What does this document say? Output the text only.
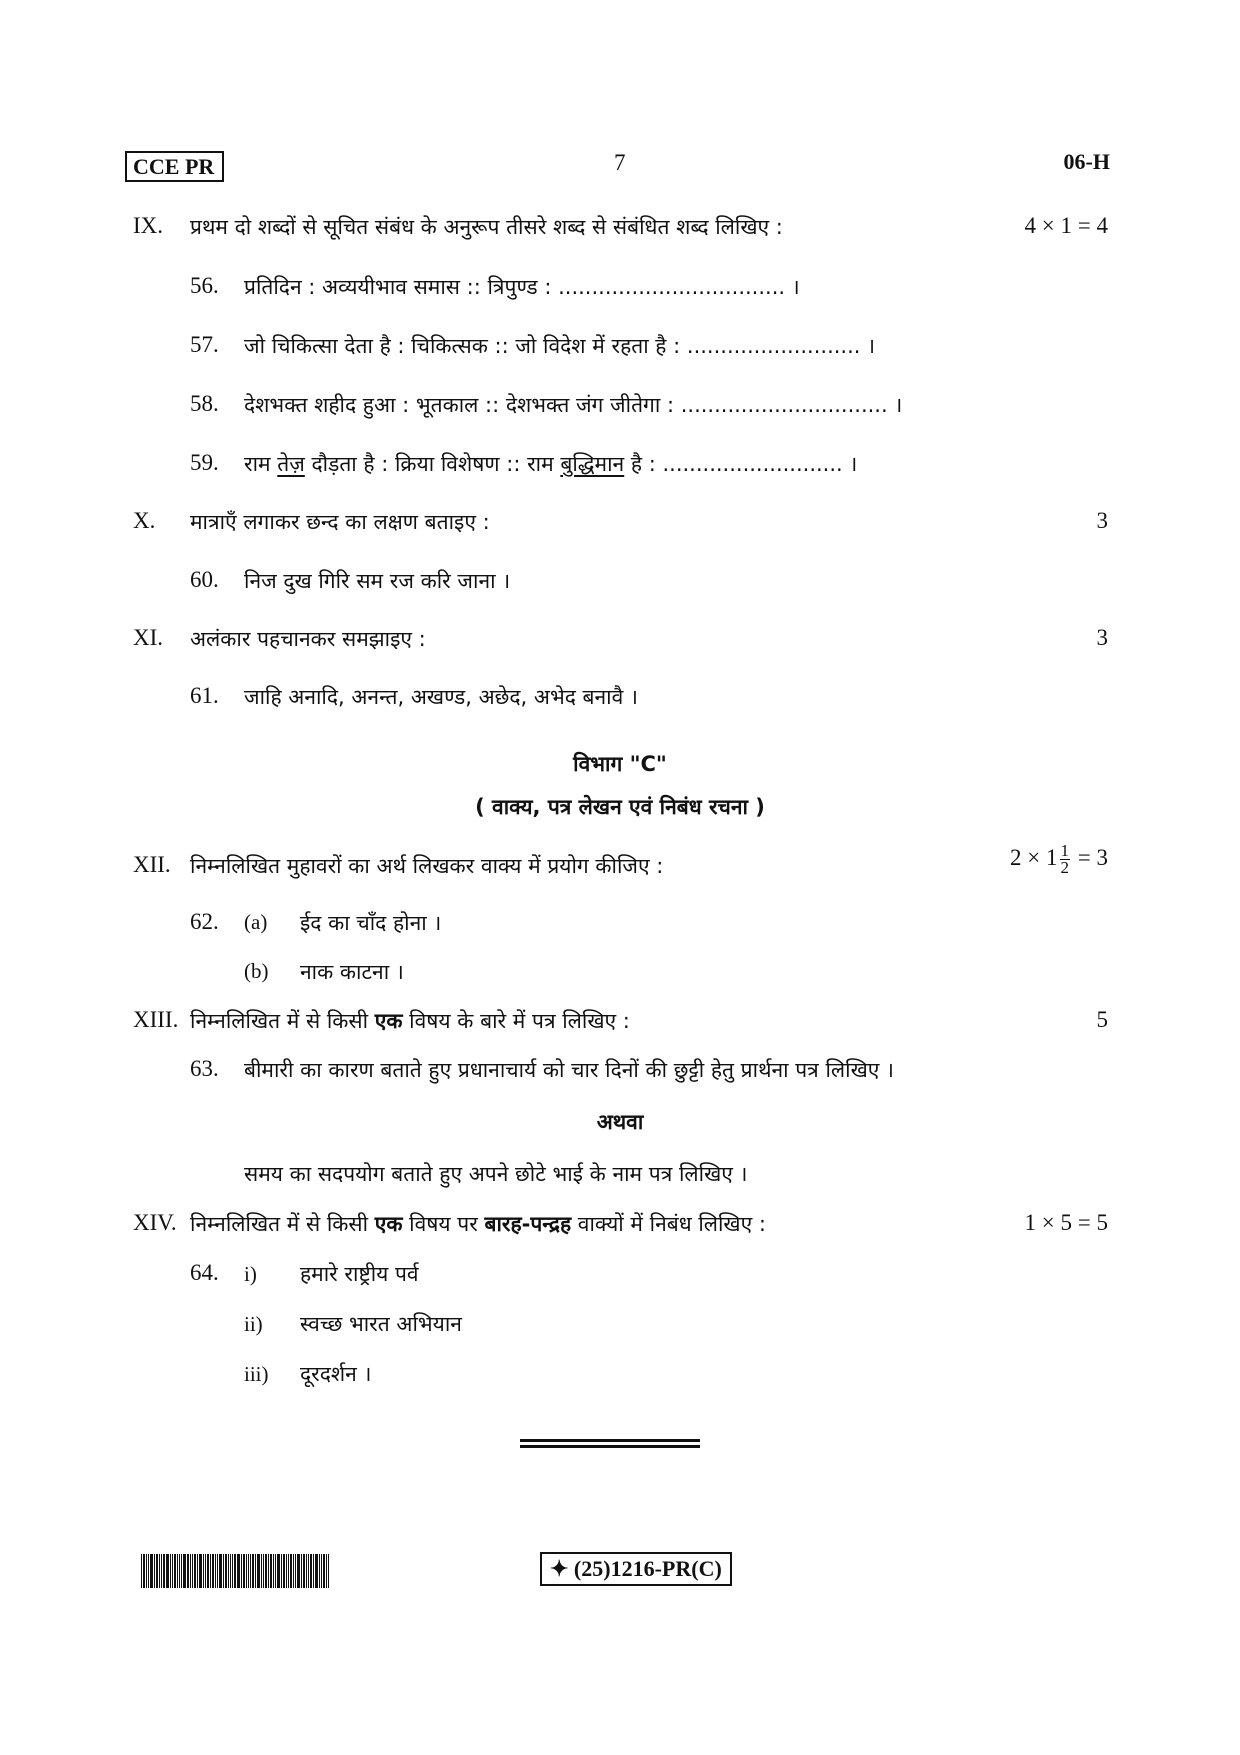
CCE PR	7	06-H
IX. प्रथम दो शब्दों से सूचित संबंध के अनुरूप तीसरे शब्द से संबंधित शब्द लिखिए :	4 × 1 = 4
56. प्रतिदिन : अव्ययीभाव समास :: त्रिपुण्ड : .................................. ।
57. जो चिकित्सा देता है : चिकित्सक :: जो विदेश में रहता है : .......................... ।
58. देशभक्त शहीद हुआ : भूतकाल :: देशभक्त जंग जीतेगा : ............................... ।
59. राम तेज़ दौड़ता है : क्रिया विशेषण :: राम बुद्धिमान है : ........................... ।
X. मात्राएँ लगाकर छन्द का लक्षण बताइए :	3
60. निज दुख गिरि सम रज करि जाना ।
XI. अलंकार पहचानकर समझाइए :	3
61. जाहि अनादि, अनन्त, अखण्ड, अछेद, अभेद बनावै ।
विभाग "C"
( वाक्य, पत्र लेखन एवं निबंध रचना )
XII. निम्नलिखित मुहावरों का अर्थ लिखकर वाक्य में प्रयोग कीजिए :	$2 \times 1 \frac{1}{2} = 3$
62. (a) ईद का चाँद होना ।
(b) नाक काटना ।
XIII. निम्नलिखित में से किसी एक विषय के बारे में पत्र लिखिए :	5
63. बीमारी का कारण बताते हुए प्रधानाचार्य को चार दिनों की छुट्टी हेतु प्रार्थना पत्र लिखिए ।
अथवा
समय का सदपयोग बताते हुए अपने छोटे भाई के नाम पत्र लिखिए ।
XIV. निम्नलिखित में से किसी एक विषय पर बारह-पन्द्रह वाक्यों में निबंध लिखिए :	1 × 5 = 5
64. i) हमारे राष्ट्रीय पर्व
ii) स्वच्छ भारत अभियान
iii) दूरदर्शन ।
✦ (25)1216-PR(C)
